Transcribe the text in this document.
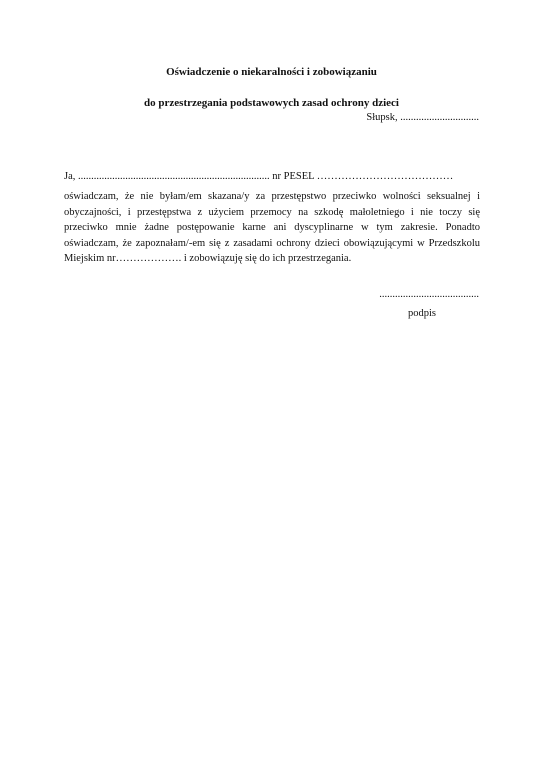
Oświadczenie o niekaralności i zobowiązaniu
do przestrzegania podstawowych zasad ochrony dzieci
Słupsk, ..............................
Ja, ......................................................................... nr PESEL …………………………………
oświadczam, że nie byłam/em skazana/y za przestępstwo przeciwko wolności seksualnej i obyczajności, i przestępstwa z użyciem przemocy na szkodę małoletniego i nie toczy się przeciwko mnie żadne postępowanie karne ani dyscyplinarne w tym zakresie. Ponadto oświadczam, że zapoznałam/-em się z zasadami ochrony dzieci obowiązującymi w Przedszkolu Miejskim nr………………. i zobowiązuję się do ich przestrzegania.
......................................
podpis
